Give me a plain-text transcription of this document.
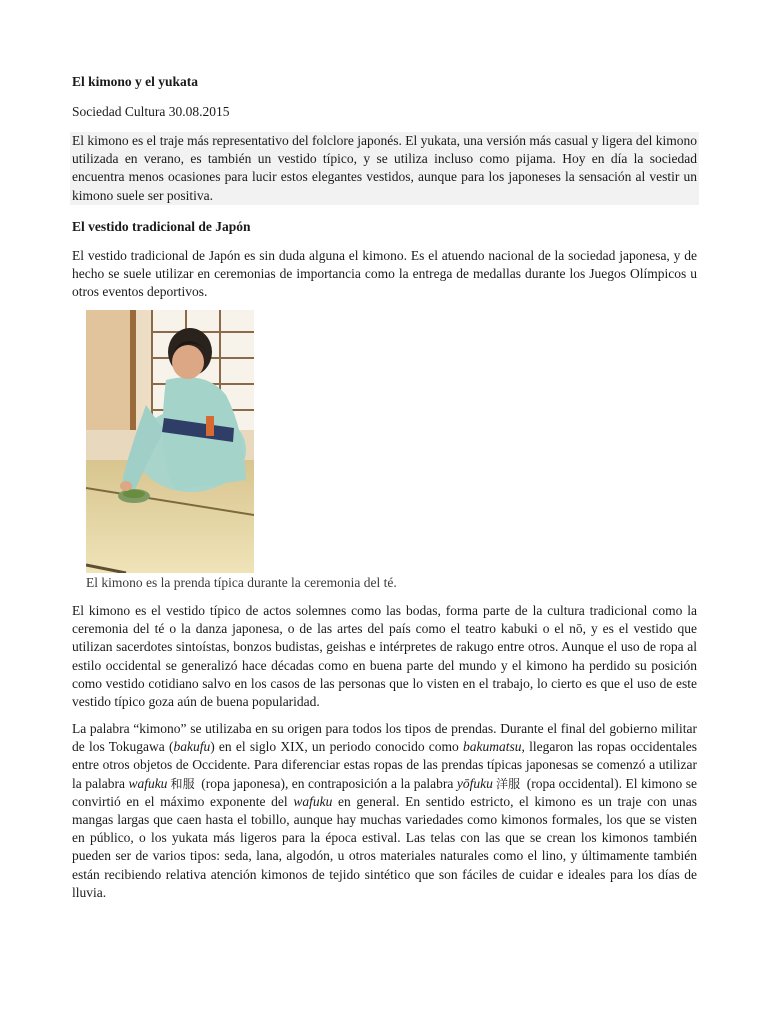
El kimono y el yukata
Sociedad Cultura 30.08.2015
El kimono es el traje más representativo del folclore japonés. El yukata, una versión más casual y ligera del kimono utilizada en verano, es también un vestido típico, y se utiliza incluso como pijama. Hoy en día la sociedad encuentra menos ocasiones para lucir estos elegantes vestidos, aunque para los japoneses la sensación al vestir un kimono suele ser positiva.
El vestido tradicional de Japón
El vestido tradicional de Japón es sin duda alguna el kimono. Es el atuendo nacional de la sociedad japonesa, y de hecho se suele utilizar en ceremonias de importancia como la entrega de medallas durante los Juegos Olímpicos u otros eventos deportivos.
El kimono es la prenda típica durante la ceremonia del té.
El kimono es el vestido típico de actos solemnes como las bodas, forma parte de la cultura tradicional como la ceremonia del té o la danza japonesa, o de las artes del país como el teatro kabuki o el nō, y es el vestido que utilizan sacerdotes sintoístas, bonzos budistas, geishas e intérpretes de rakugo entre otros. Aunque el uso de ropa al estilo occidental se generalizó hace décadas como en buena parte del mundo y el kimono ha perdido su posición como vestido cotidiano salvo en los casos de las personas que lo visten en el trabajo, lo cierto es que el uso de este vestido típico goza aún de buena popularidad.
La palabra “kimono” se utilizaba en su origen para todos los tipos de prendas. Durante el final del gobierno militar de los Tokugawa (bakufu) en el siglo XIX, un periodo conocido como bakumatsu, llegaron las ropas occidentales entre otros objetos de Occidente. Para diferenciar estas ropas de las prendas típicas japonesas se comenzó a utilizar la palabra wafuku 和服 (ropa japonesa), en contraposición a la palabra yōfuku 洋服 (ropa occidental). El kimono se convirtió en el máximo exponente del wafuku en general. En sentido estricto, el kimono es un traje con unas mangas largas que caen hasta el tobillo, aunque hay muchas variedades como kimonos formales, los que se visten en público, o los yukata más ligeros para la época estival. Las telas con las que se crean los kimonos también pueden ser de varios tipos: seda, lana, algodón, u otros materiales naturales como el lino, y últimamente también están recibiendo relativa atención kimonos de tejido sintético que son fáciles de cuidar e ideales para los días de lluvia.
